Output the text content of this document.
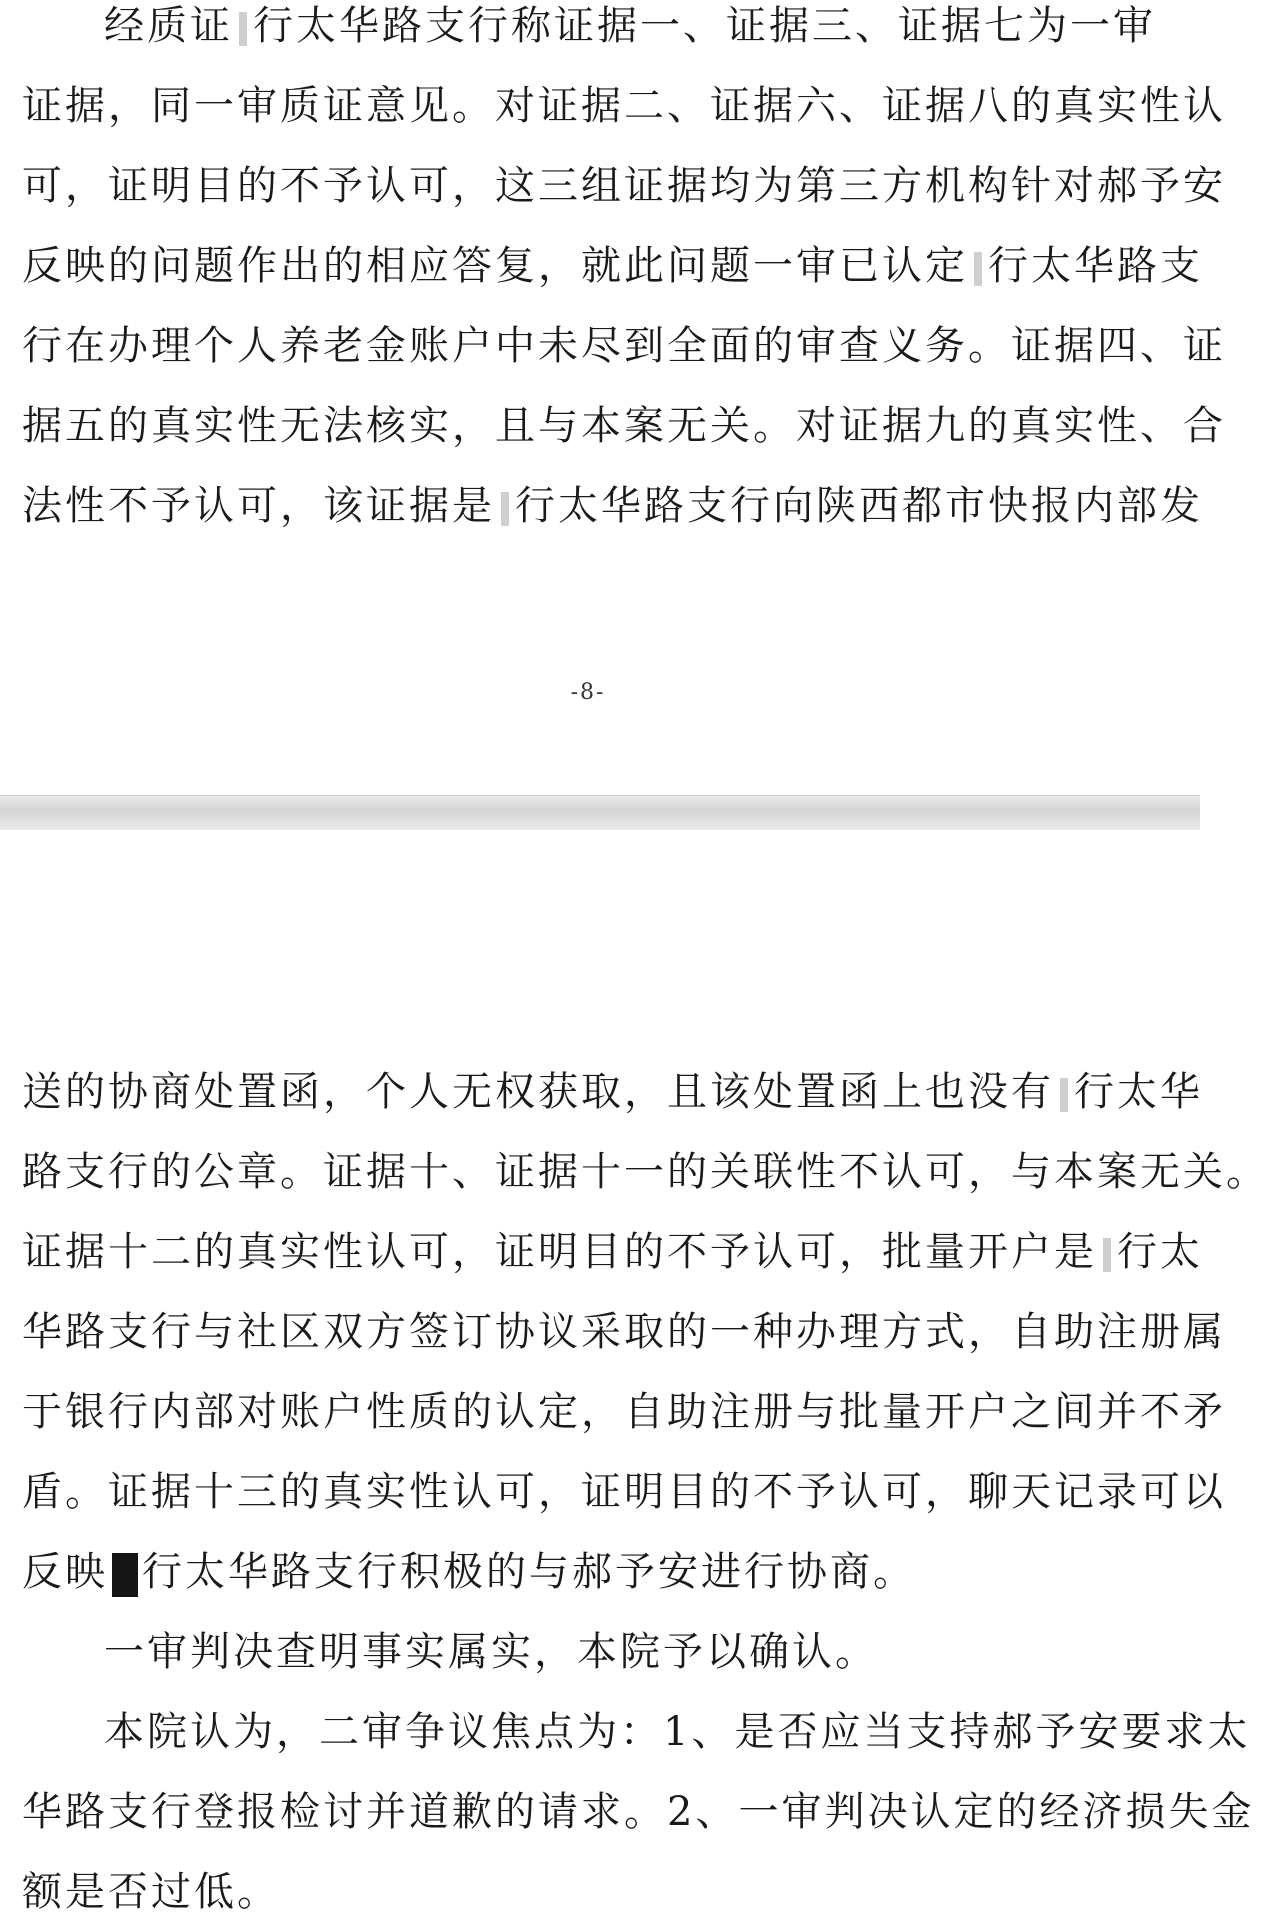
经质证 行太华路支行称证据一、证据三、证据七为一审
证据，同一审质证意见。对证据二、证据六、证据八的真实性认
可，证明目的不予认可，这三组证据均为第三方机构针对郝予安
反映的问题作出的相应答复，就此问题一审已认定 行太华路支
行在办理个人养老金账户中未尽到全面的审查义务。证据四、证
据五的真实性无法核实，且与本案无关。对证据九的真实性、合
法性不予认可，该证据是 行太华路支行向陕西都市快报内部发
-8-
送的协商处置函，个人无权获取，且该处置函上也没有 行太华
路支行的公章。证据十、证据十一的关联性不认可，与本案无关。
证据十二的真实性认可，证明目的不予认可，批量开户是 行太
华路支行与社区双方签订协议采取的一种办理方式，自助注册属
于银行内部对账户性质的认定，自助注册与批量开户之间并不矛
盾。证据十三的真实性认可，证明目的不予认可，聊天记录可以
反映 行太华路支行积极的与郝予安进行协商。
一审判决查明事实属实，本院予以确认。
本院认为，二审争议焦点为：1、是否应当支持郝予安要求太
华路支行登报检讨并道歉的请求。2、一审判决认定的经济损失金
额是否过低。
